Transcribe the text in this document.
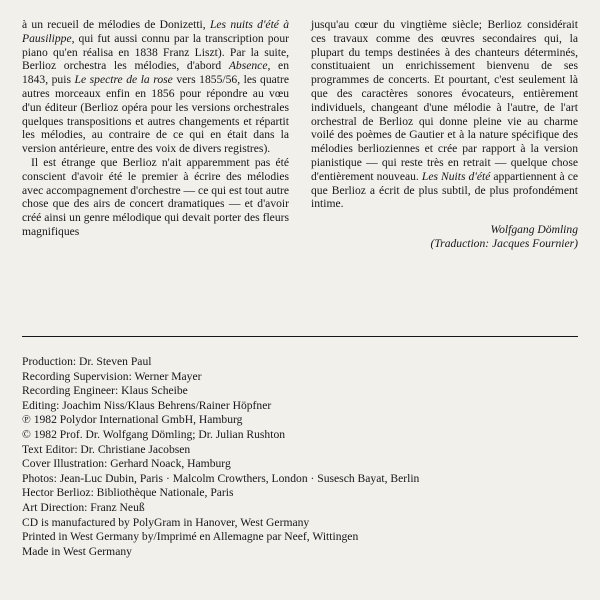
à un recueil de mélodies de Donizetti, Les nuits d'été à Pausilippe, qui fut aussi connu par la transcription pour piano qu'en réalisa en 1838 Franz Liszt). Par la suite, Berlioz orchestra les mélodies, d'abord Absence, en 1843, puis Le spectre de la rose vers 1855/56, les quatre autres morceaux enfin en 1856 pour répondre au vœu d'un éditeur (Berlioz opéra pour les versions orchestrales quelques transpositions et autres changements et répartit les mélodies, au contraire de ce qui en était dans la version antérieure, entre des voix de divers registres).

Il est étrange que Berlioz n'ait apparemment pas été conscient d'avoir été le premier à écrire des mélodies avec accompagnement d'orchestre — ce qui est tout autre chose que des airs de concert dramatiques — et d'avoir créé ainsi un genre mélodique qui devait porter des fleurs magnifiques

jusqu'au cœur du vingtième siècle; Berlioz considérait ces travaux comme des œuvres secondaires qui, la plupart du temps destinées à des chanteurs déterminés, constituaient un enrichissement bienvenu de ses programmes de concerts. Et pourtant, c'est seulement là que des caractères sonores évocateurs, entièrement individuels, changeant d'une mélodie à l'autre, de l'art orchestral de Berlioz qui donne pleine vie au charme voilé des poèmes de Gautier et à la nature spécifique des mélodies berlioziennes et crée par rapport à la version pianistique — qui reste très en retrait — quelque chose d'entièrement nouveau. Les Nuits d'été appartiennent à ce que Berlioz a écrit de plus subtil, de plus profondément intime.

Wolfgang Dömling
(Traduction: Jacques Fournier)
Production: Dr. Steven Paul
Recording Supervision: Werner Mayer
Recording Engineer: Klaus Scheibe
Editing: Joachim Niss/Klaus Behrens/Rainer Höpfner
℗ 1982 Polydor International GmbH, Hamburg
© 1982 Prof. Dr. Wolfgang Dömling; Dr. Julian Rushton
Text Editor: Dr. Christiane Jacobsen
Cover Illustration: Gerhard Noack, Hamburg
Photos: Jean-Luc Dubin, Paris · Malcolm Crowthers, London · Susesch Bayat, Berlin
Hector Berlioz: Bibliothèque Nationale, Paris
Art Direction: Franz Neuß
CD is manufactured by PolyGram in Hanover, West Germany
Printed in West Germany by/Imprimé en Allemagne par Neef, Wittingen
Made in West Germany
